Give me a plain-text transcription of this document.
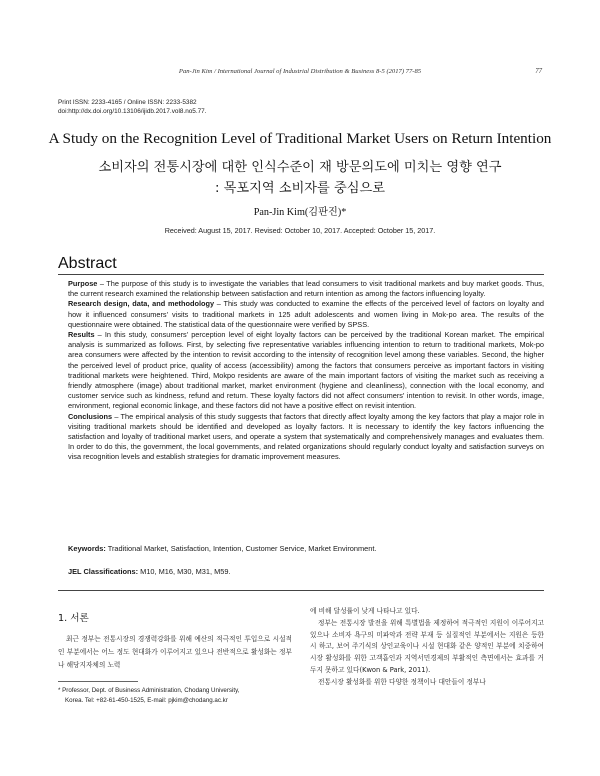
Pan-Jin Kim / International Journal of Industrial Distribution & Business 8-5 (2017) 77-85	77
Print ISSN: 2233-4165 / Online ISSN: 2233-5382
doi:http://dx.doi.org/10.13106/ijidb.2017.vol8.no5.77.
A Study on the Recognition Level of Traditional Market Users on Return Intention
소비자의 전통시장에 대한 인식수준이 재 방문의도에 미치는 영향 연구
: 목포지역 소비자를 중심으로
Pan-Jin Kim(김판진)*
Received: August 15, 2017. Revised: October 10, 2017. Accepted: October 15, 2017.
Abstract

Purpose – The purpose of this study is to investigate the variables that lead consumers to visit traditional markets and buy market goods. Thus, the current research examined the relationship between satisfaction and return intention as among the factors influencing loyalty.

Research design, data, and methodology – This study was conducted to examine the effects of the perceived level of factors on loyalty and how it influenced consumers' visits to traditional markets in 125 adult adolescents and women living in Mok-po area. The results of the questionnaire were obtained. The statistical data of the questionnaire were verified by SPSS.

Results – In this study, consumers' perception level of eight loyalty factors can be perceived by the traditional Korean market. The empirical analysis is summarized as follows. First, by selecting five representative variables influencing intention to return to traditional markets, Mok-po area consumers were affected by the intention to revisit according to the intensity of recognition level among these variables. Second, the higher the perceived level of product price, quality of access (accessibility) among the factors that consumers perceive as important factors in visiting traditional markets were heightened. Third, Mokpo residents are aware of the main important factors of visiting the market such as receiving a friendly atmosphere (image) about traditional market, market environment (hygiene and cleanliness), connection with the local economy, and customer service such as kindness, refund and return. These loyalty factors did not affect consumers' intention to revisit. In other words, image, environment, regional economic linkage, and these factors did not have a positive effect on revisit intention.

Conclusions – The empirical analysis of this study suggests that factors that directly affect loyalty among the key factors that play a major role in visiting traditional markets should be identified and developed as loyalty factors. It is necessary to identify the key factors influencing the satisfaction and loyalty of traditional market users, and operate a system that systematically and comprehensively manages and evaluates them. In order to do this, the government, the local governments, and related organizations should regularly conduct loyalty and satisfaction surveys on visa recognition levels and establish strategies for dramatic improvement measures.

Keywords: Traditional Market, Satisfaction, Intention, Customer Service, Market Environment.
JEL Classifications: M10, M16, M30, M31, M59.
1. 서론
최근 정부는 전통시장의 경쟁력강화를 위해 예산의 적극적인 투입으로 시설적인 부분에서는 어느 정도 현대화가 이루어지고 있으나 전반적으로 활성화는 정부나 해당지자체의 노력
* Professor, Dept. of Business Administration, Chodang University,
Korea. Tel: +82-61-450-1525, E-mail: pjkim@chodang.ac.kr

에 비해 달성률이 낮게 나타나고 있다.

정부는 전통시장 발전을 위해 특별법을 제정하여 적극적인 지원이 이루어지고 있으나 소비자 욕구의 미파악과 전략 부재 등 실질적인 부분에서는 지원은 등한 시 하고, 보여 주기식의 상인교육이나 시설 현대화 같은 양적인 부분에 치중하여 시장 활성화를 위한 고객흡인과 지역서민경제의 부활적인 측면에서는 효과를 거두지 못하고 있다(Kwon & Park, 2011).

전통시장 활성화를 위한 다양한 정책이나 대안들이 정부나
